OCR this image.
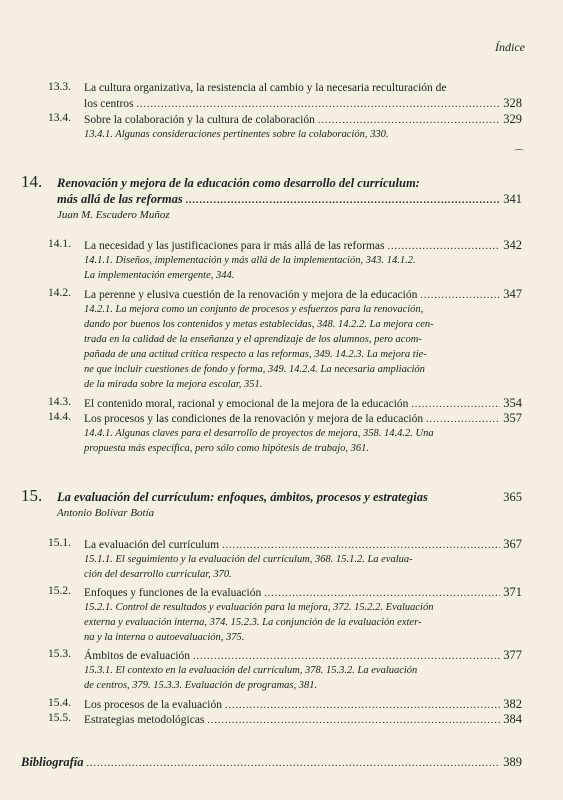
Índice
13.3. La cultura organizativa, la resistencia al cambio y la necesaria reculturación de
los centros .....	328
13.4. Sobre la colaboración y la cultura de colaboración .....	329
13.4.1. Algunas consideraciones pertinentes sobre la colaboración, 330.
⌒
14. Renovación y mejora de la educación como desarrollo del currículum:
más allá de las reformas .....	341
Juan M. Escudero Muñoz
14.1. La necesidad y las justificaciones para ir más allá de las reformas .....	342
14.1.1. Diseños, implementación y más allá de la implementación, 343. 14.1.2.
La implementación emergente, 344.
14.2. La perenne y elusiva cuestión de la renovación y mejora de la educación .....	347
14.2.1. La mejora como un conjunto de procesos y esfuerzos para la renovación,
dando por buenos los contenidos y metas establecidas, 348. 14.2.2. La mejora cen-
trada en la calidad de la enseñanza y el aprendizaje de los alumnos, pero acom-
pañada de una actitud crítica respecto a las reformas, 349. 14.2.3. La mejora tie-
ne que incluir cuestiones de fondo y forma, 349. 14.2.4. La necesaria ampliación
de la mirada sobre la mejora escolar, 351.
14.3. El contenido moral, racional y emocional de la mejora de la educación .....	354
14.4. Los procesos y las condiciones de la renovación y mejora de la educación .....	357
14.4.1. Algunas claves para el desarrollo de proyectos de mejora, 358. 14.4.2. Una
propuesta más específica, pero sólo como hipótesis de trabajo, 361.
15. La evaluación del currículum: enfoques, ámbitos, procesos y estrategias	365
Antonio Bolívar Botía
15.1. La evaluación del currículum .....	367
15.1.1. El seguimiento y la evaluación del currículum, 368. 15.1.2. La evalua-
ción del desarrollo curricular, 370.
15.2. Enfoques y funciones de la evaluación .....	371
15.2.1. Control de resultados y evaluación para la mejora, 372. 15.2.2. Evaluación
externa y evaluación interna, 374. 15.2.3. La conjunción de la evaluación exter-
na y la interna o autoevaluación, 375.
15.3. Ámbitos de evaluación .....	377
15.3.1. El contexto en la evaluación del currículum, 378. 15.3.2. La evaluación
de centros, 379. 15.3.3. Evaluación de programas, 381.
15.4. Los procesos de la evaluación .....	382
15.5. Estrategias metodológicas .....	384
Bibliografía .....	389
